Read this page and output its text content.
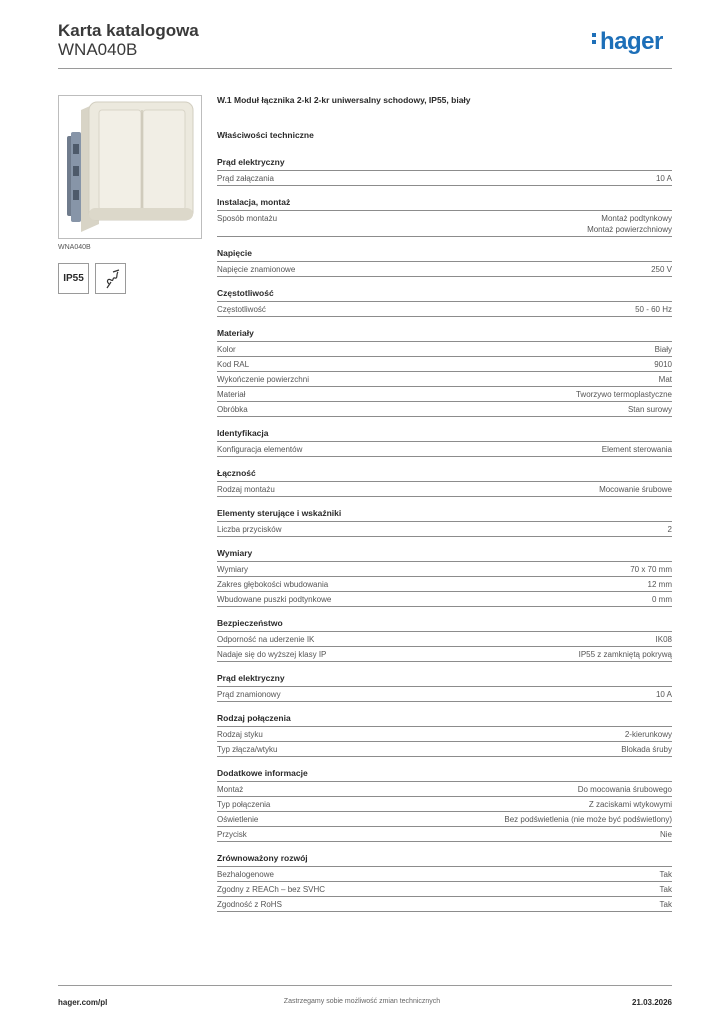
Karta katalogowa
WNA040B	hager
WNA040B
IP55
W.1 Moduł łącznika 2-kl 2-kr uniwersalny schodowy, IP55, biały
Właściwości techniczne
Prąd elektryczny
Prąd załączania	10 A
Instalacja, montaż
Sposób montażu	Montaż podtynkowy
Montaż powierzchniowy
Napięcie
Napięcie znamionowe	250 V
Częstotliwość
Częstotliwość	50 - 60 Hz
Materiały
Kolor	Biały
Kod RAL	9010
Wykończenie powierzchni	Mat
Materiał	Tworzywo termoplastyczne
Obróbka	Stan surowy
Identyfikacja
Konfiguracja elementów	Element sterowania
Łączność
Rodzaj montażu	Mocowanie śrubowe
Elementy sterujące i wskaźniki
Liczba przycisków	2
Wymiary
Wymiary	70 x 70 mm
Zakres głębokości wbudowania	12 mm
Wbudowane puszki podtynkowe	0 mm
Bezpieczeństwo
Odporność na uderzenie IK	IK08
Nadaje się do wyższej klasy IP	IP55 z zamkniętą pokrywą
Prąd elektryczny
Prąd znamionowy	10 A
Rodzaj połączenia
Rodzaj styku	2-kierunkowy
Typ złącza/wtyku	Blokada śruby
Dodatkowe informacje
Montaż	Do mocowania śrubowego
Typ połączenia	Z zaciskami wtykowymi
Oświetlenie	Bez podświetlenia (nie może być podświetlony)
Przycisk	Nie
Zrównoważony rozwój
Bezhalogenowe	Tak
Zgodny z REACh – bez SVHC	Tak
Zgodność z RoHS	Tak
hager.com/pl	Zastrzegamy sobie możliwość zmian technicznych	21.03.2026
